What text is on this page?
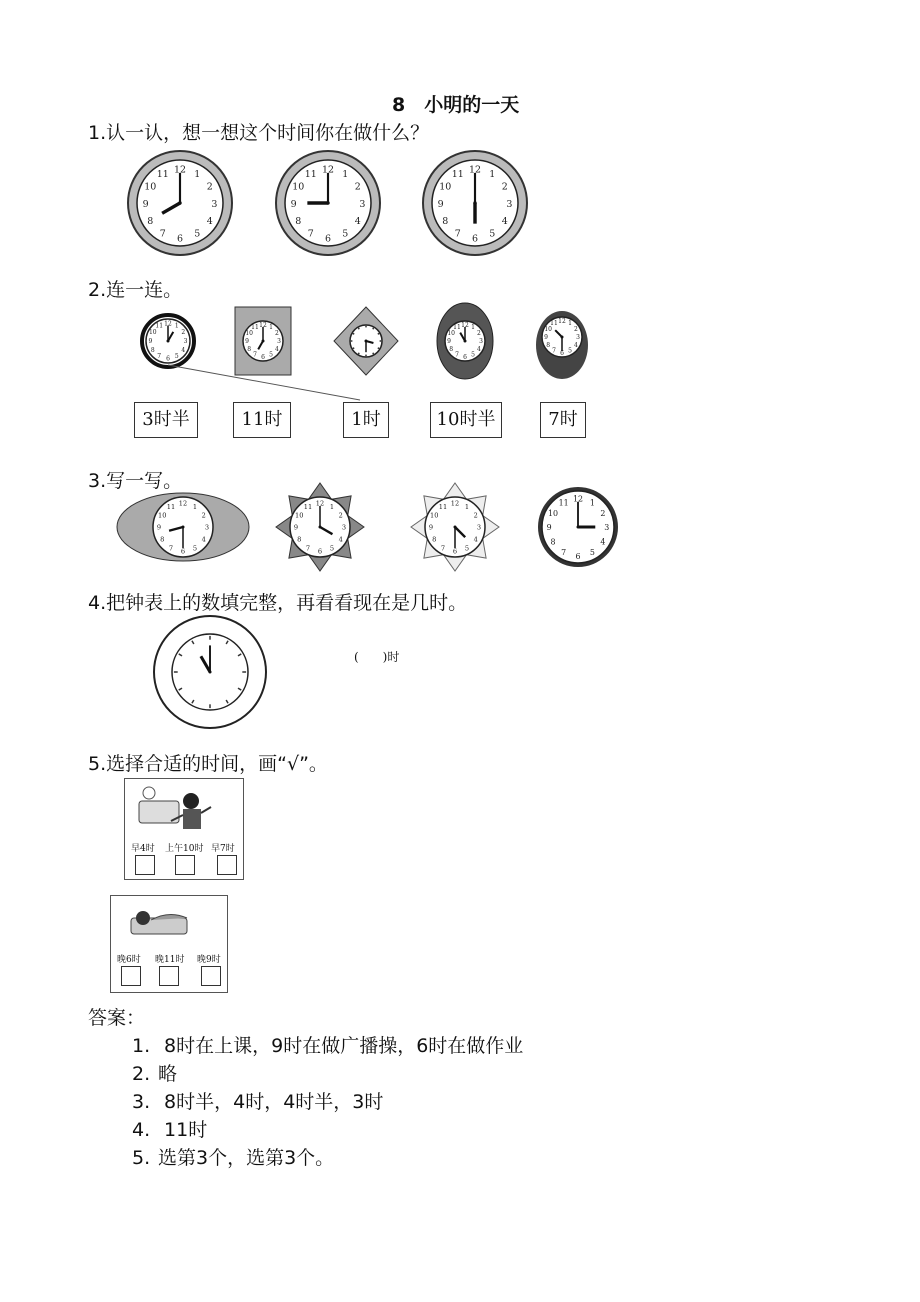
8　小明的一天
1.认一认，想一想这个时间你在做什么？
1
2
3
4
5
6
7
8
9
10
11 12	1
2
3
4
5
6
7
8
9
10
11 12	1
2
3
4
5
6
7
8
9
10
11 12
2.连一连。
1
2
3
4
5
6
7
8
9
10
11 12
1
2
3
4
5
6
7
8
9
10
11 12	1
2
3
4
5
6
7
8
9
10
11 12	1
2
3
4
5
6
7
8
9
10
11 12
3时半	11时	1时	10时半	7时
3.写一写。
1
2
3
4
5
6
7
8
9
10
11 12	1
2
3
4
5
6
7
8
9
10
11 12	1
2
3
4
5
6
7
8
9
10
11 12	1
2
3
4
5
6
7
8
9
10
11 12
4.把钟表上的数填完整，再看看现在是几时。
(　　)时
5.选择合适的时间，画“√”。
早4时 上午10时 早7时
晚6时 晚11时 晚9时
答案：
1. 8时在上课，9时在做广播操，6时在做作业
2. 略
3. 8时半，4时，4时半，3时
4. 11时
5. 选第3个，选第3个。
